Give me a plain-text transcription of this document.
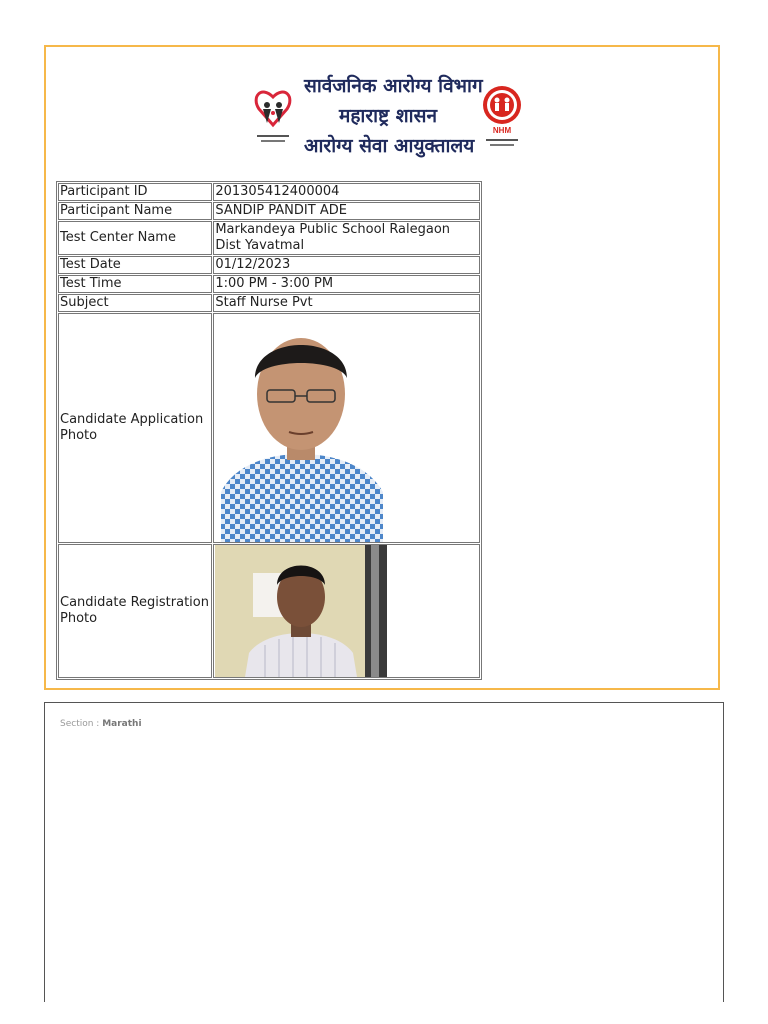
सार्वजनिक आरोग्य विभाग
महाराष्ट्र शासन
आरोग्य सेवा आयुक्तालय
NHM
Participant ID	201305412400004
Participant Name	SANDIP PANDIT ADE
Test Center Name	Markandeya Public School Ralegaon Dist Yavatmal
Test Date	01/12/2023
Test Time	1:00 PM - 3:00 PM
Subject	Staff Nurse Pvt
Candidate Application Photo	

Candidate Registration Photo	
Section : Marathi
